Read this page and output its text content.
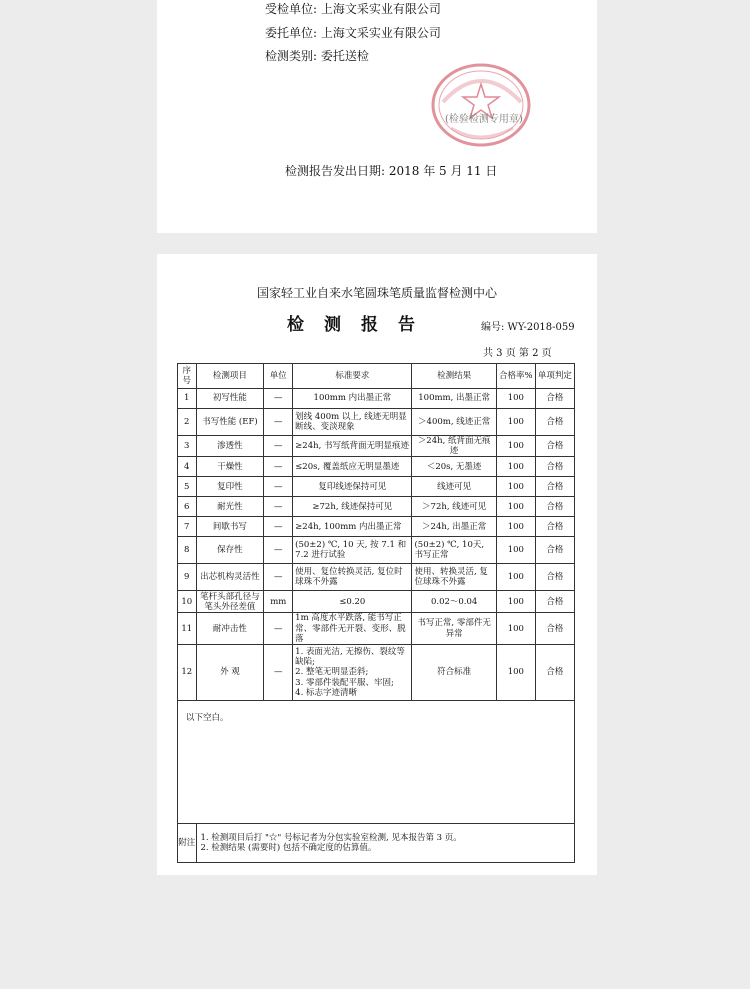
受检单位: 上海文采实业有限公司
委托单位: 上海文采实业有限公司
检测类别: 委托送检
(检验检测专用章)
检测报告发出日期: 2018 年 5 月 11 日
国家轻工业自来水笔圆珠笔质量监督检测中心
检测报告	编号: WY-2018-059
共 3 页 第 2 页
序号	检测项目	单位	标准要求	检测结果	合格率%	单项判定
1	初写性能	—	100mm 内出墨正常	100mm, 出墨正常	100	合格
2	书写性能 (EF)	—	划线 400m 以上, 线迹无明显断线、变淡现象	＞400m, 线迹正常	100	合格
3	渗透性	—	≥24h, 书写纸背面无明显痕迹	＞24h, 纸背面无痕迹	100	合格
4	干燥性	—	≤20s, 覆盖纸应无明显墨迹	＜20s, 无墨迹	100	合格
5	复印性	—	复印线迹保持可见	线迹可见	100	合格
6	耐光性	—	≥72h, 线迹保持可见	＞72h, 线迹可见	100	合格
7	间歇书写	—	≥24h, 100mm 内出墨正常	＞24h, 出墨正常	100	合格
8	保存性	—	(50±2) ℃, 10 天, 按 7.1 和 7.2 进行试验	(50±2) ℃, 10天, 书写正常	100	合格
9	出芯机构灵活性	—	使用、复位转换灵活, 复位时球珠不外露	使用、转换灵活, 复位球珠不外露	100	合格
10	笔杆头部孔径与笔头外径差值	mm	≤0.20	0.02～0.04	100	合格
11	耐冲击性	—	1m 高度水平跌落, 能书写正常、零部件无开裂、变形、脱落	书写正常, 零部件无异常	100	合格
12	外 观	—	1. 表面光洁, 无擦伤、裂纹等缺陷;
2. 整笔无明显歪斜;
3. 零部件装配平服、牢固;
4. 标志字迹清晰	符合标准	100	合格
以下空白。						
附注	1. 检测项目后打 "☆" 号标记者为分包实验室检测, 见本报告第 3 页。
2. 检测结果 (需要时) 包括不确定度的估算值。					
